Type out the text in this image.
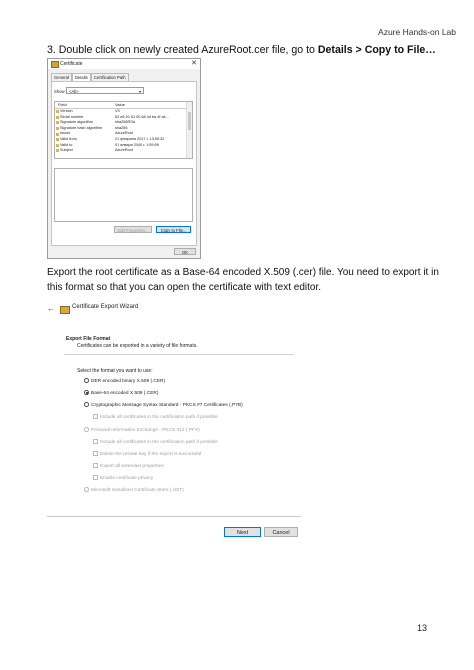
Azure Hands-on Lab
3. Double click on newly created AzureRoot.cer file, go to Details > Copy to File…
Certificate	✕
General	Details	Certification Path
Show: <All>	▾
Field	Value
Version	V3
Serial number	63 e8 20 61 00 68 4d ba 4f a4...
Signature algorithm	sha256RSA
Signature hash algorithm	sha256
Issuer	AzureRoot
Valid from	21 февраля 2017 г. 13:50:32
Valid to	01 января 2040 г. 1:59:59
Subject	AzureRoot
Edit Properties...	Copy to File...
OK
Export the root certificate as a Base-64 encoded X.509 (.cer) file. You need to export it in this format so that you can open the certificate with text editor.
←	Certificate Export Wizard
Export File Format
Certificates can be exported in a variety of file formats.
Select the format you want to use:
DER encoded binary X.509 (.CER)
Base-64 encoded X.509 (.CER)
Cryptographic Message Syntax Standard - PKCS #7 Certificates (.P7B)
Include all certificates in the certification path if possible
Personal Information Exchange - PKCS #12 (.PFX)
Include all certificates in the certification path if possible
Delete the private key if the export is successful
Export all extended properties
Enable certificate privacy
Microsoft Serialized Certificate Store (.SST)
Next	Cancel
13
